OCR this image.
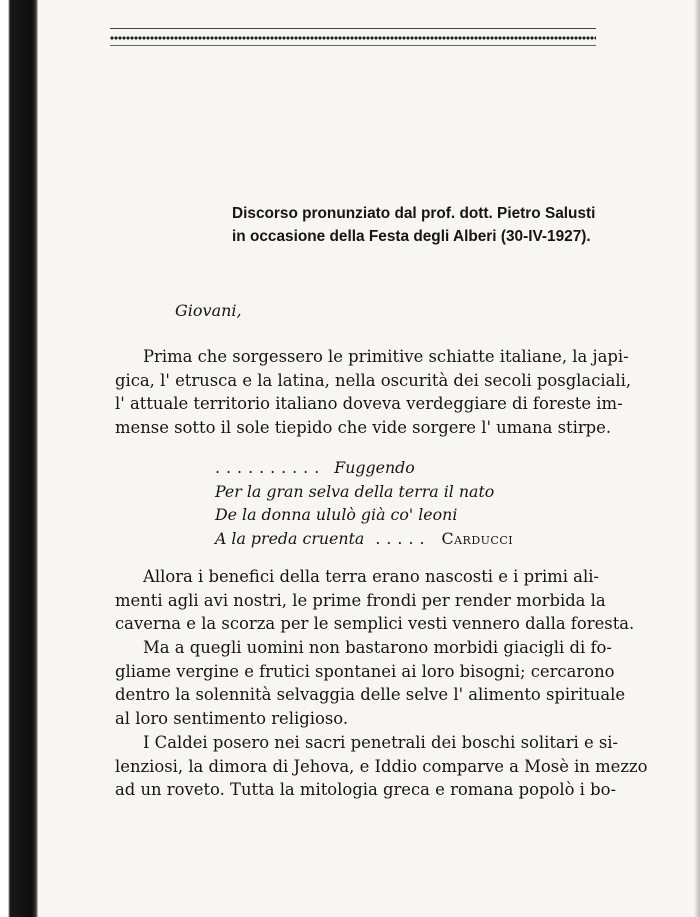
Discorso pronunziato dal prof. dott. Pietro Salusti
in occasione della Festa degli Alberi (30-IV-1927).
Giovani,
Prima che sorgessero le primitive schiatte italiane, la japi-
gica, l' etrusca e la latina, nella oscurità dei secoli posglaciali,
l' attuale territorio italiano doveva verdeggiare di foreste im-
mense sotto il sole tiepido che vide sorgere l' umana stirpe.
.......... Fuggendo
Per la gran selva della terra il nato
De la donna ululò già co' leoni
A la preda cruenta ..... Carducci
Allora i benefici della terra erano nascosti e i primi ali-
menti agli avi nostri, le prime frondi per render morbida la
caverna e la scorza per le semplici vesti vennero dalla foresta.
Ma a quegli uomini non bastarono morbidi giacigli di fo-
gliame vergine e frutici spontanei ai loro bisogni; cercarono
dentro la solennità selvaggia delle selve l' alimento spirituale
al loro sentimento religioso.
I Caldei posero nei sacri penetrali dei boschi solitari e si-
lenziosi, la dimora di Jehova, e Iddio comparve a Mosè in mezzo
ad un roveto. Tutta la mitologia greca e romana popolò i bo-
